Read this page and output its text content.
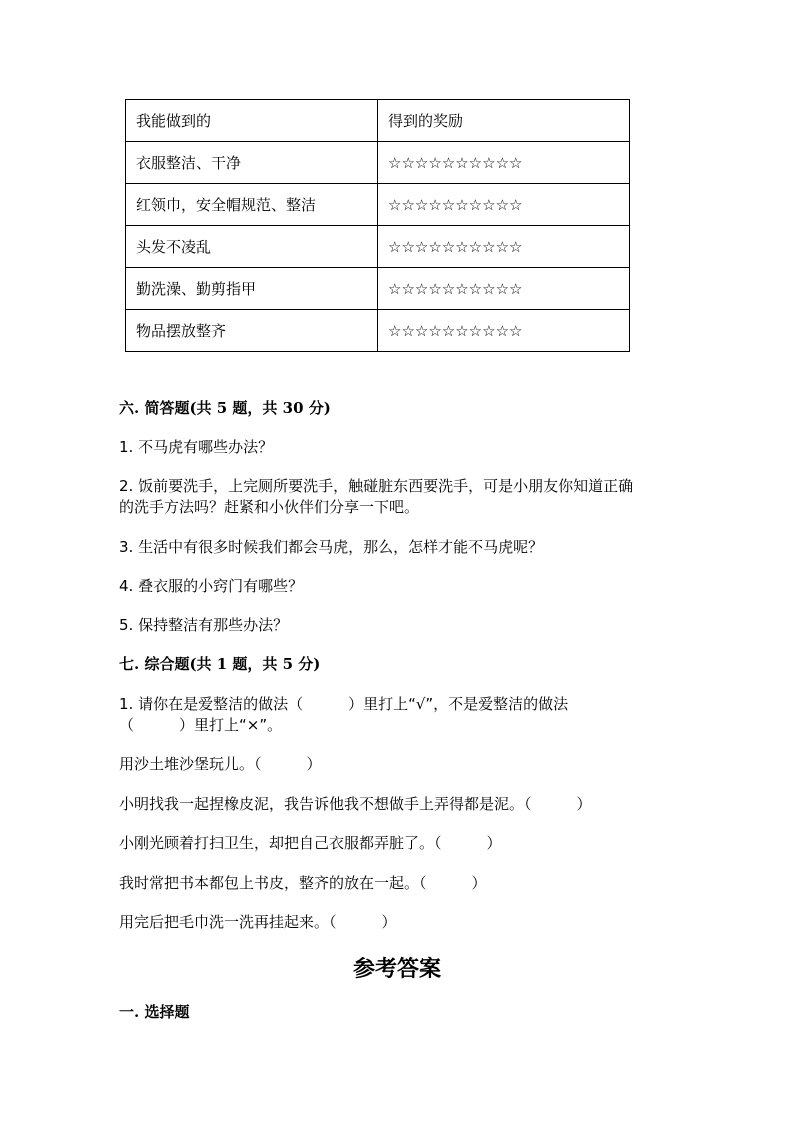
我能做到的	得到的奖励
衣服整洁、干净	☆☆☆☆☆☆☆☆☆☆
红领巾，安全帽规范、整洁	☆☆☆☆☆☆☆☆☆☆
头发不凌乱	☆☆☆☆☆☆☆☆☆☆
勤洗澡、勤剪指甲	☆☆☆☆☆☆☆☆☆☆
物品摆放整齐	☆☆☆☆☆☆☆☆☆☆
六. 简答题(共 5 题，共 30 分)
1. 不马虎有哪些办法？
2. 饭前要洗手，上完厕所要洗手，触碰脏东西要洗手，可是小朋友你知道正确
的洗手方法吗？赶紧和小伙伴们分享一下吧。
3. 生活中有很多时候我们都会马虎，那么，怎样才能不马虎呢？
4. 叠衣服的小窍门有哪些？
5. 保持整洁有那些办法？
七. 综合题(共 1 题，共 5 分)
1. 请你在是爱整洁的做法（　　　）里打上“√”，不是爱整洁的做法
（　　　）里打上“×”。
用沙土堆沙堡玩儿。（　　　）
小明找我一起捏橡皮泥，我告诉他我不想做手上弄得都是泥。（　　　）
小刚光顾着打扫卫生，却把自己衣服都弄脏了。（　　　）
我时常把书本都包上书皮，整齐的放在一起。（　　　）
用完后把毛巾洗一洗再挂起来。（　　　）
参考答案
一. 选择题
